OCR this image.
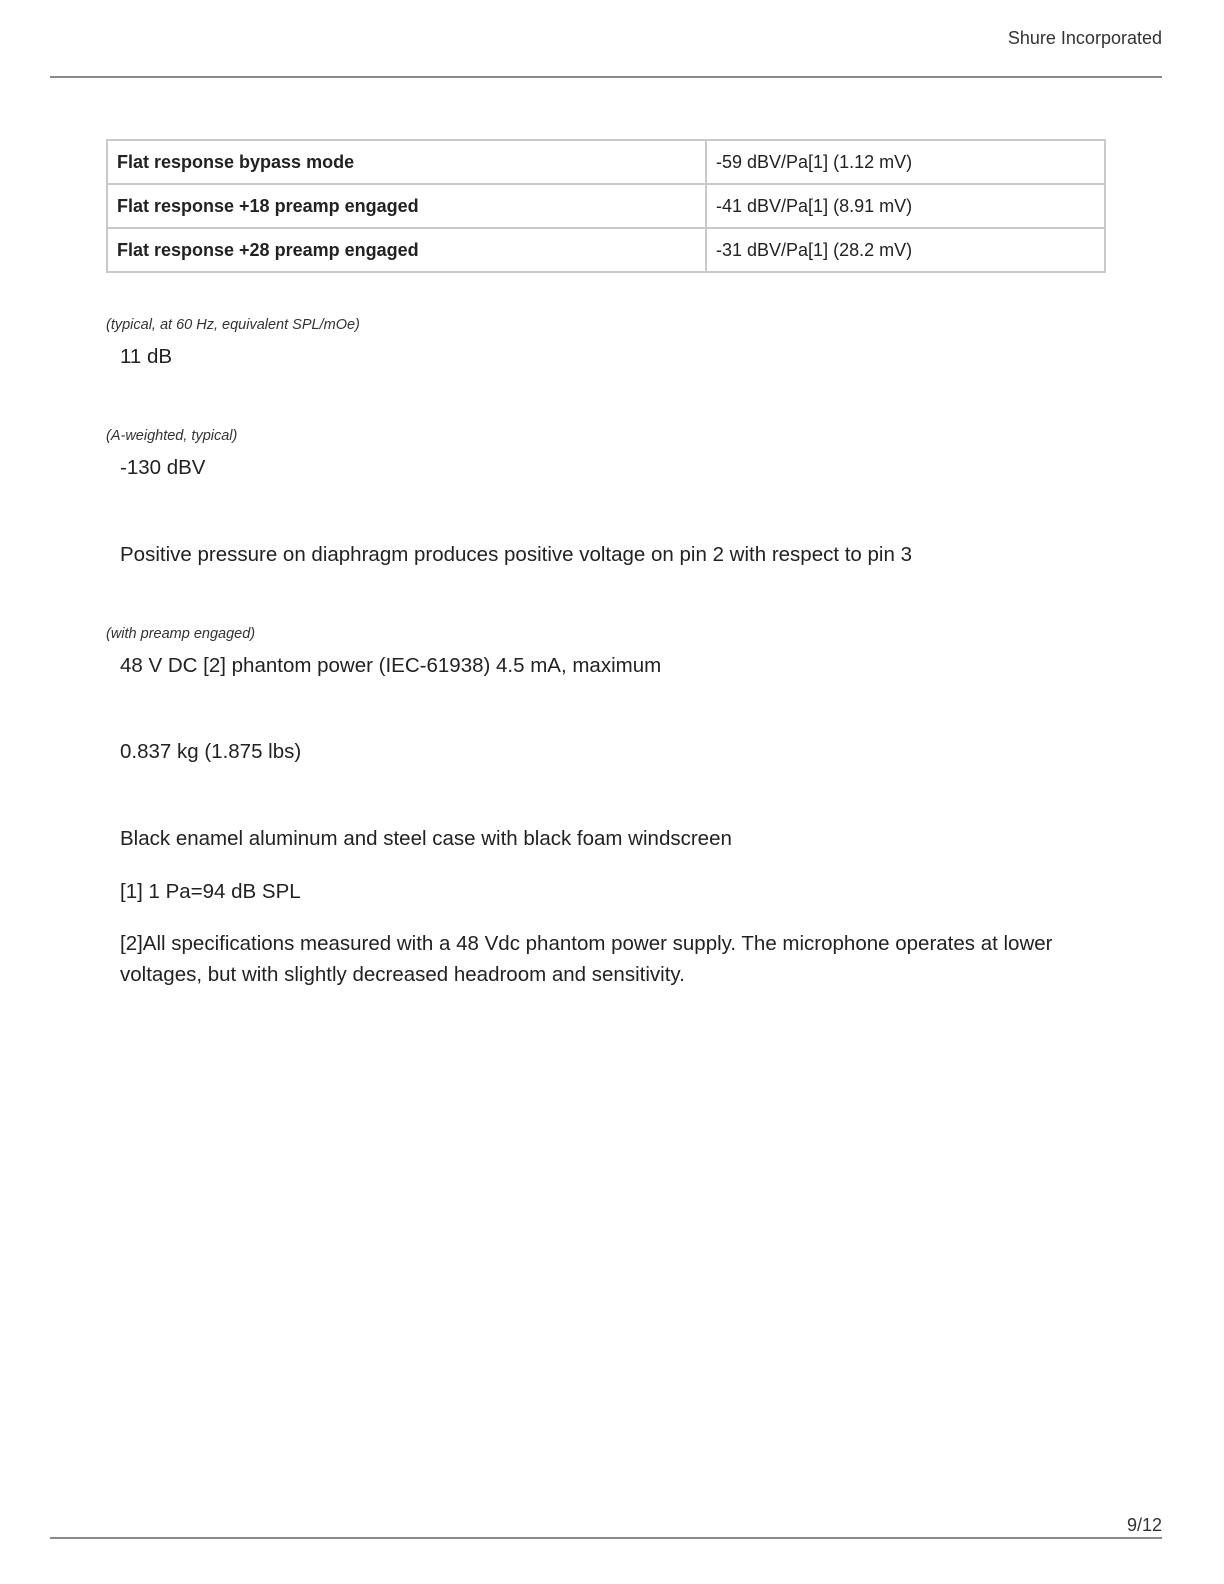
Shure Incorporated
Flat response bypass mode	-59 dBV/Pa[1] (1.12 mV)
Flat response +18 preamp engaged	-41 dBV/Pa[1] (8.91 mV)
Flat response +28 preamp engaged	-31 dBV/Pa[1] (28.2 mV)
(typical, at 60 Hz, equivalent SPL/mOe)
11 dB
(A-weighted, typical)
-130 dBV
Positive pressure on diaphragm produces positive voltage on pin 2 with respect to pin 3
(with preamp engaged)
48 V DC [2] phantom power (IEC-61938) 4.5 mA, maximum
0.837 kg (1.875 lbs)
Black enamel aluminum and steel case with black foam windscreen
[1] 1 Pa=94 dB SPL
[2]All specifications measured with a 48 Vdc phantom power supply. The microphone operates at lower voltages, but with slightly decreased headroom and sensitivity.
9/12
